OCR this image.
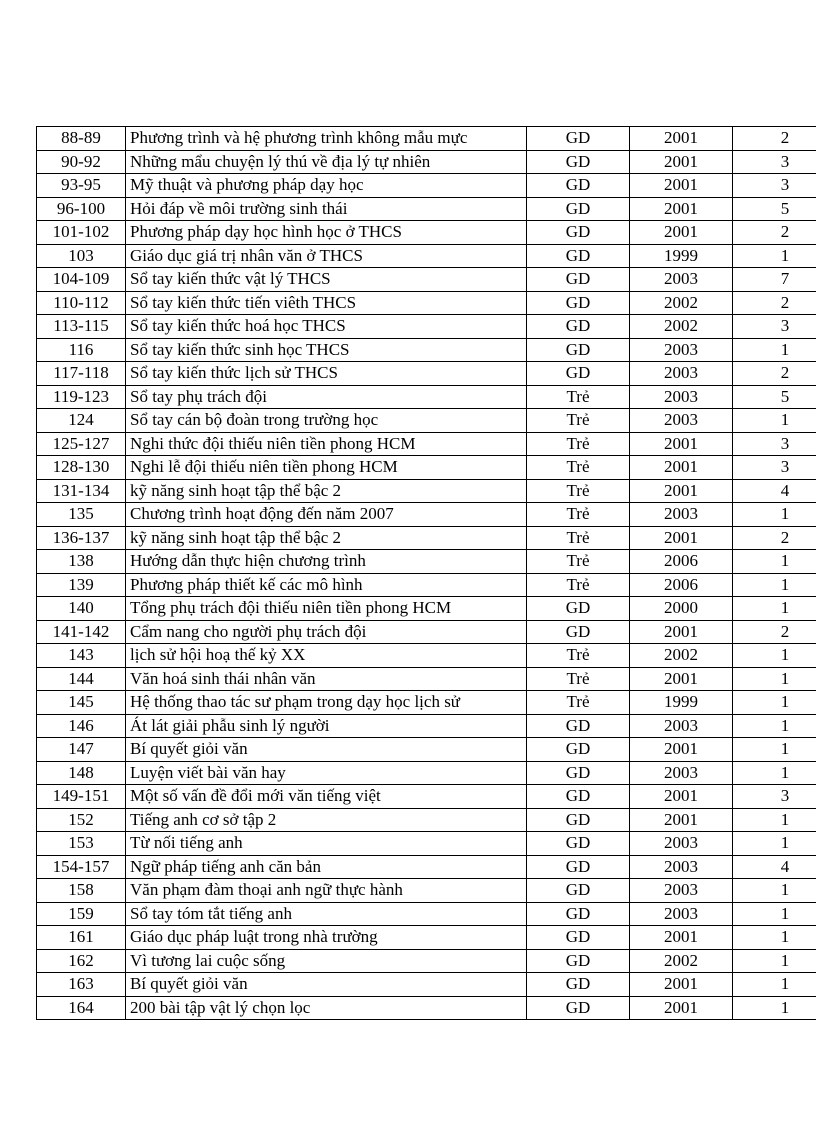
88-89	Phương trình và hệ phương trình không mẫu mực	GD	2001	2
90-92	Những mẩu chuyện lý thú về địa lý tự nhiên	GD	2001	3
93-95	Mỹ thuật và phương pháp dạy học	GD	2001	3
96-100	Hỏi đáp về môi trường sinh thái	GD	2001	5
101-102	Phương pháp dạy học hình học ở THCS	GD	2001	2
103	Giáo dục giá trị nhân văn ở THCS	GD	1999	1
104-109	Sổ tay kiến thức vật lý THCS	GD	2003	7
110-112	Sổ tay kiến thức tiến viêth THCS	GD	2002	2
113-115	Sổ tay kiến thức hoá học THCS	GD	2002	3
116	Sổ tay kiến thức sinh học THCS	GD	2003	1
117-118	Sổ tay kiến thức lịch sử THCS	GD	2003	2
119-123	Sổ tay phụ trách đội	Trẻ	2003	5
124	Sổ tay cán bộ đoàn trong trường học	Trẻ	2003	1
125-127	Nghi thức đội thiếu niên tiền phong HCM	Trẻ	2001	3
128-130	Nghi lễ đội thiếu niên tiền phong HCM	Trẻ	2001	3
131-134	kỹ năng sinh hoạt tập thể bậc 2	Trẻ	2001	4
135	Chương trình hoạt động đến năm 2007	Trẻ	2003	1
136-137	kỹ năng sinh hoạt tập thể bậc 2	Trẻ	2001	2
138	Hướng dẫn thực hiện chương trình	Trẻ	2006	1
139	Phương pháp thiết kế các mô hình	Trẻ	2006	1
140	Tổng phụ trách đội thiếu niên tiền phong HCM	GD	2000	1
141-142	Cẩm nang cho người phụ trách đội	GD	2001	2
143	lịch sử hội hoạ thế kỷ XX	Trẻ	2002	1
144	Văn hoá sinh thái nhân văn	Trẻ	2001	1
145	Hệ thống thao tác sư phạm trong dạy học lịch sử	Trẻ	1999	1
146	Át lát giải phẫu sinh lý người	GD	2003	1
147	Bí quyết giỏi văn	GD	2001	1
148	Luyện viết bài văn hay	GD	2003	1
149-151	Một số vấn đề đổi mới văn tiếng việt	GD	2001	3
152	Tiếng anh cơ sở tập 2	GD	2001	1
153	Từ nối tiếng anh	GD	2003	1
154-157	Ngữ pháp tiếng anh căn bản	GD	2003	4
158	Văn phạm đàm thoại anh ngữ thực hành	GD	2003	1
159	Sổ tay tóm tắt tiếng anh	GD	2003	1
161	Giáo dục pháp luật trong nhà trường	GD	2001	1
162	Vì tương lai cuộc sống	GD	2002	1
163	Bí quyết giỏi văn	GD	2001	1
164	200 bài tập vật lý chọn lọc	GD	2001	1
